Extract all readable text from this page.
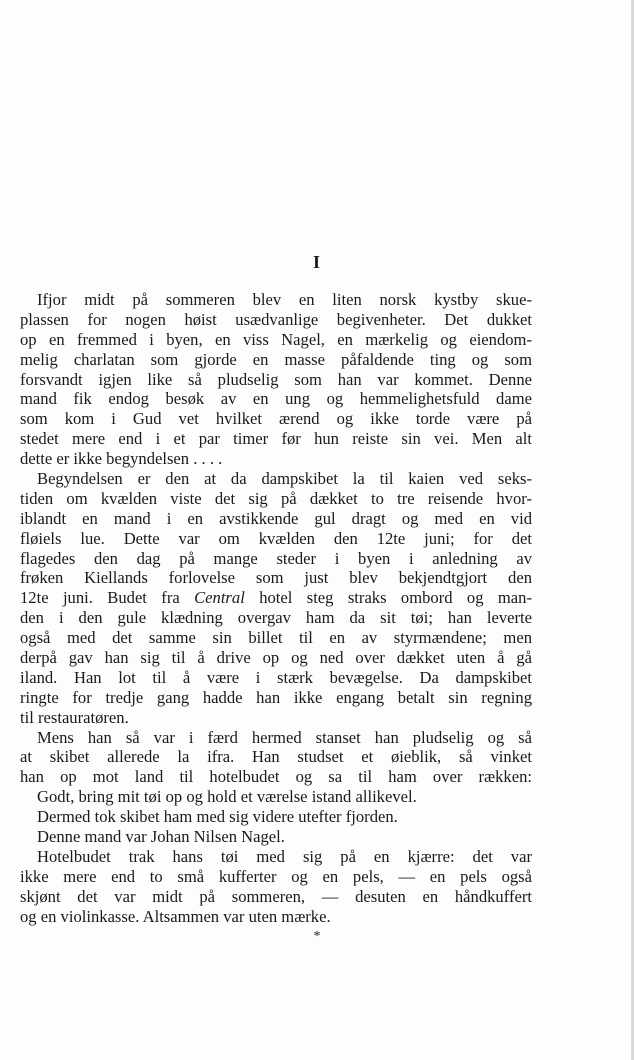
I
Ifjor midt på sommeren blev en liten norsk kystby skue-
plassen for nogen høist usædvanlige begivenheter. Det dukket
op en fremmed i byen, en viss Nagel, en mærkelig og eiendom-
melig charlatan som gjorde en masse påfaldende ting og som
forsvandt igjen like så pludselig som han var kommet. Denne
mand fik endog besøk av en ung og hemmelighetsfuld dame
som kom i Gud vet hvilket ærend og ikke torde være på
stedet mere end i et par timer før hun reiste sin vei. Men alt
dette er ikke begyndelsen . . . .
Begyndelsen er den at da dampskibet la til kaien ved seks-
tiden om kvælden viste det sig på dækket to tre reisende hvor-
iblandt en mand i en avstikkende gul dragt og med en vid
fløiels lue. Dette var om kvælden den 12te juni; for det
flagedes den dag på mange steder i byen i anledning av
frøken Kiellands forlovelse som just blev bekjendtgjort den
12te juni. Budet fra Central hotel steg straks ombord og man-
den i den gule klædning overgav ham da sit tøi; han leverte
også med det samme sin billet til en av styrmændene; men
derpå gav han sig til å drive op og ned over dækket uten å gå
iland. Han lot til å være i stærk bevægelse. Da dampskibet
ringte for tredje gang hadde han ikke engang betalt sin regning
til restauratøren.
Mens han så var i færd hermed stanset han pludselig og så
at skibet allerede la ifra. Han studset et øieblik, så vinket
han op mot land til hotelbudet og sa til ham over rækken:
Godt, bring mit tøi op og hold et værelse istand allikevel.
Dermed tok skibet ham med sig videre utefter fjorden.
Denne mand var Johan Nilsen Nagel.
Hotelbudet trak hans tøi med sig på en kjærre: det var
ikke mere end to små kufferter og en pels, — en pels også
skjønt det var midt på sommeren, — desuten en håndkuffert
og en violinkasse. Altsammen var uten mærke.
*
